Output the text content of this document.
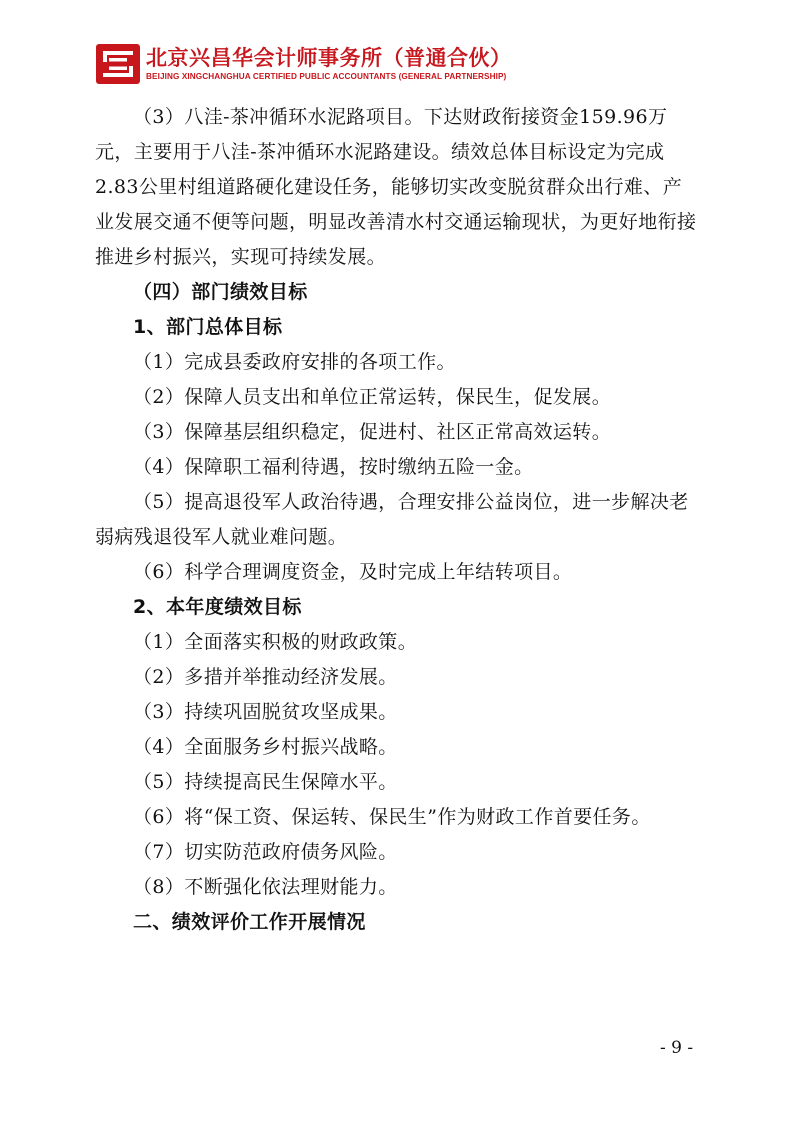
北京兴昌华会计师事务所（普通合伙）
BEIJING XINGCHANGHUA CERTIFIED PUBLIC ACCOUNTANTS (GENERAL PARTNERSHIP)

（3）八洼-茶冲循环水泥路项目。下达财政衔接资金159.96万元，主要用于八洼-茶冲循环水泥路建设。绩效总体目标设定为完成2.83公里村组道路硬化建设任务，能够切实改变脱贫群众出行难、产业发展交通不便等问题，明显改善清水村交通运输现状，为更好地衔接推进乡村振兴，实现可持续发展。

（四）部门绩效目标

1、部门总体目标

（1）完成县委政府安排的各项工作。

（2）保障人员支出和单位正常运转，保民生，促发展。

（3）保障基层组织稳定，促进村、社区正常高效运转。

（4）保障职工福利待遇，按时缴纳五险一金。

（5）提高退役军人政治待遇，合理安排公益岗位，进一步解决老弱病残退役军人就业难问题。

（6）科学合理调度资金，及时完成上年结转项目。

2、本年度绩效目标

（1）全面落实积极的财政政策。

（2）多措并举推动经济发展。

（3）持续巩固脱贫攻坚成果。

（4）全面服务乡村振兴战略。

（5）持续提高民生保障水平。

（6）将“保工资、保运转、保民生”作为财政工作首要任务。

（7）切实防范政府债务风险。

（8）不断强化依法理财能力。

二、绩效评价工作开展情况

- 9 -
